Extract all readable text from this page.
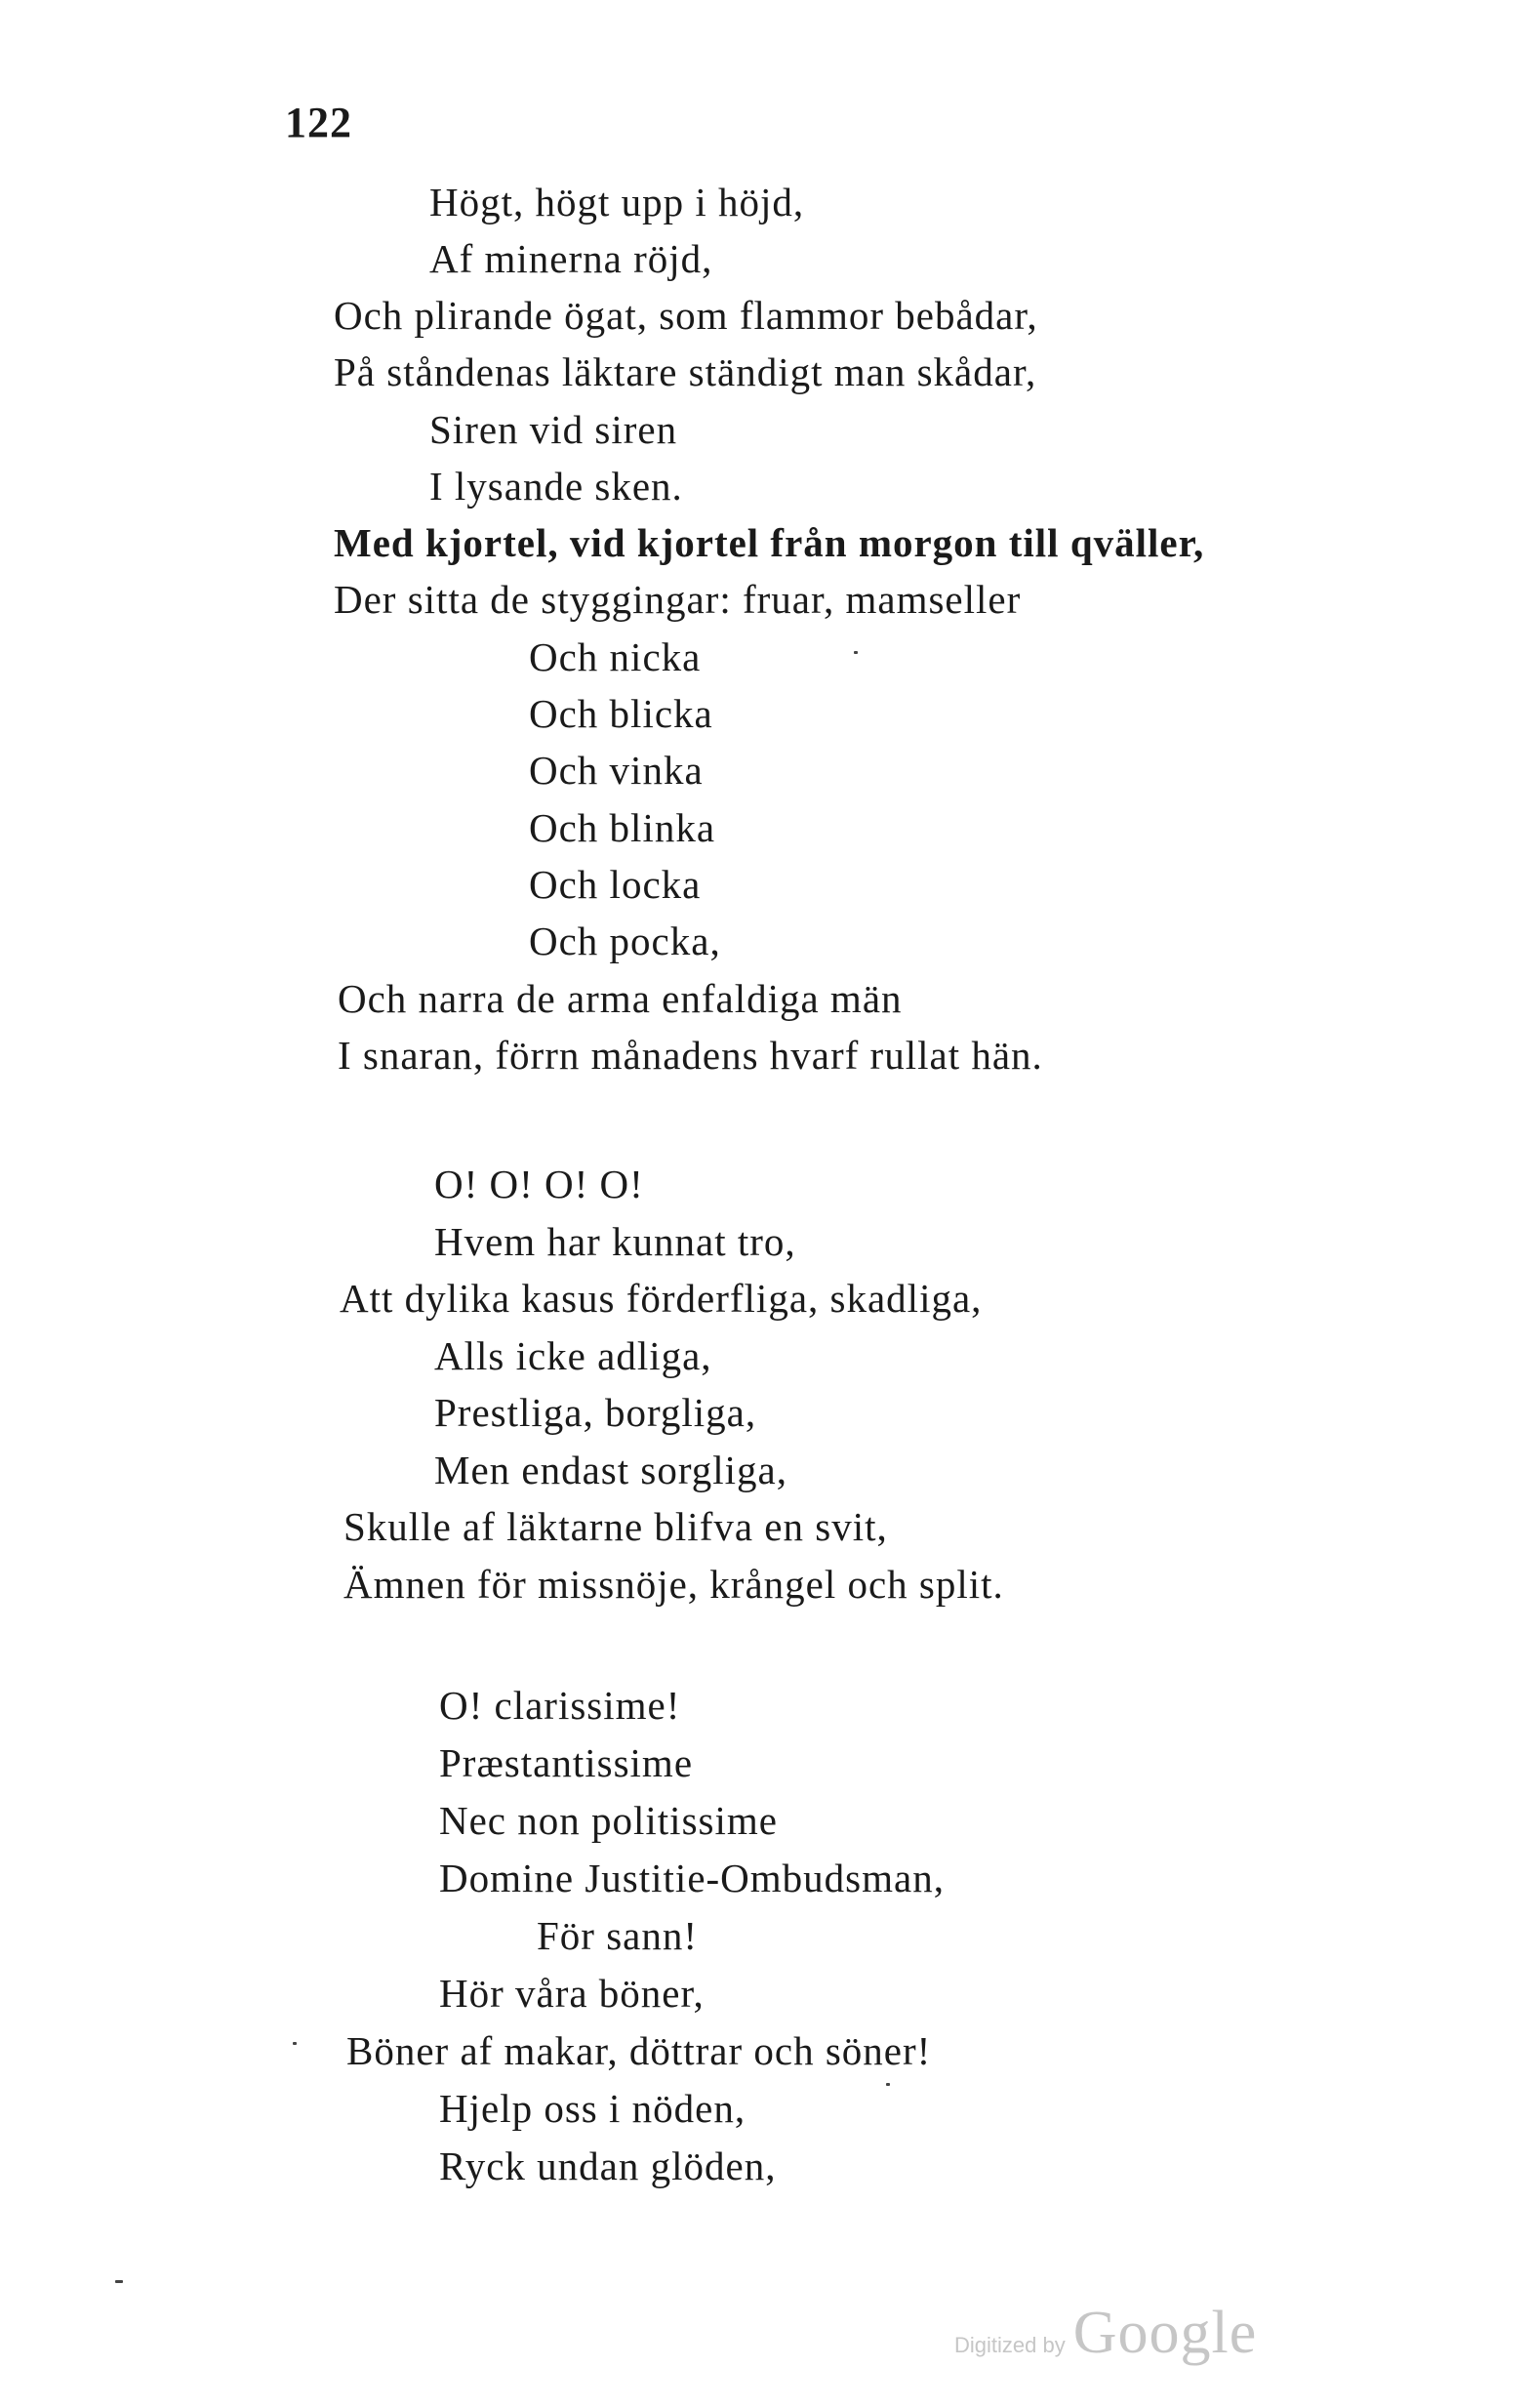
122
Högt, högt upp i höjd,
Af minerna röjd,
Och plirande ögat, som flammor bebådar,
På ståndenas läktare ständigt man skådar,
Siren vid siren
I lysande sken.
Med kjortel, vid kjortel från morgon till qväller,
Der sitta de styggingar: fruar, mamseller
Och nicka
Och blicka
Och vinka
Och blinka
Och locka
Och pocka,
Och narra de arma enfaldiga män
I snaran, förrn månadens hvarf rullat hän.
O! O! O! O!
Hvem har kunnat tro,
Att dylika kasus förderfliga, skadliga,
Alls icke adliga,
Prestliga, borgliga,
Men endast sorgliga,
Skulle af läktarne blifva en svit,
Ämnen för missnöje, krångel och split.
O! clarissime!
Præstantissime
Nec non politissime
Domine Justitie-Ombudsman,
För sann!
Hör våra böner,
Böner af makar, döttrar och söner!
Hjelp oss i nöden,
Ryck undan glöden,
Digitized by Google
